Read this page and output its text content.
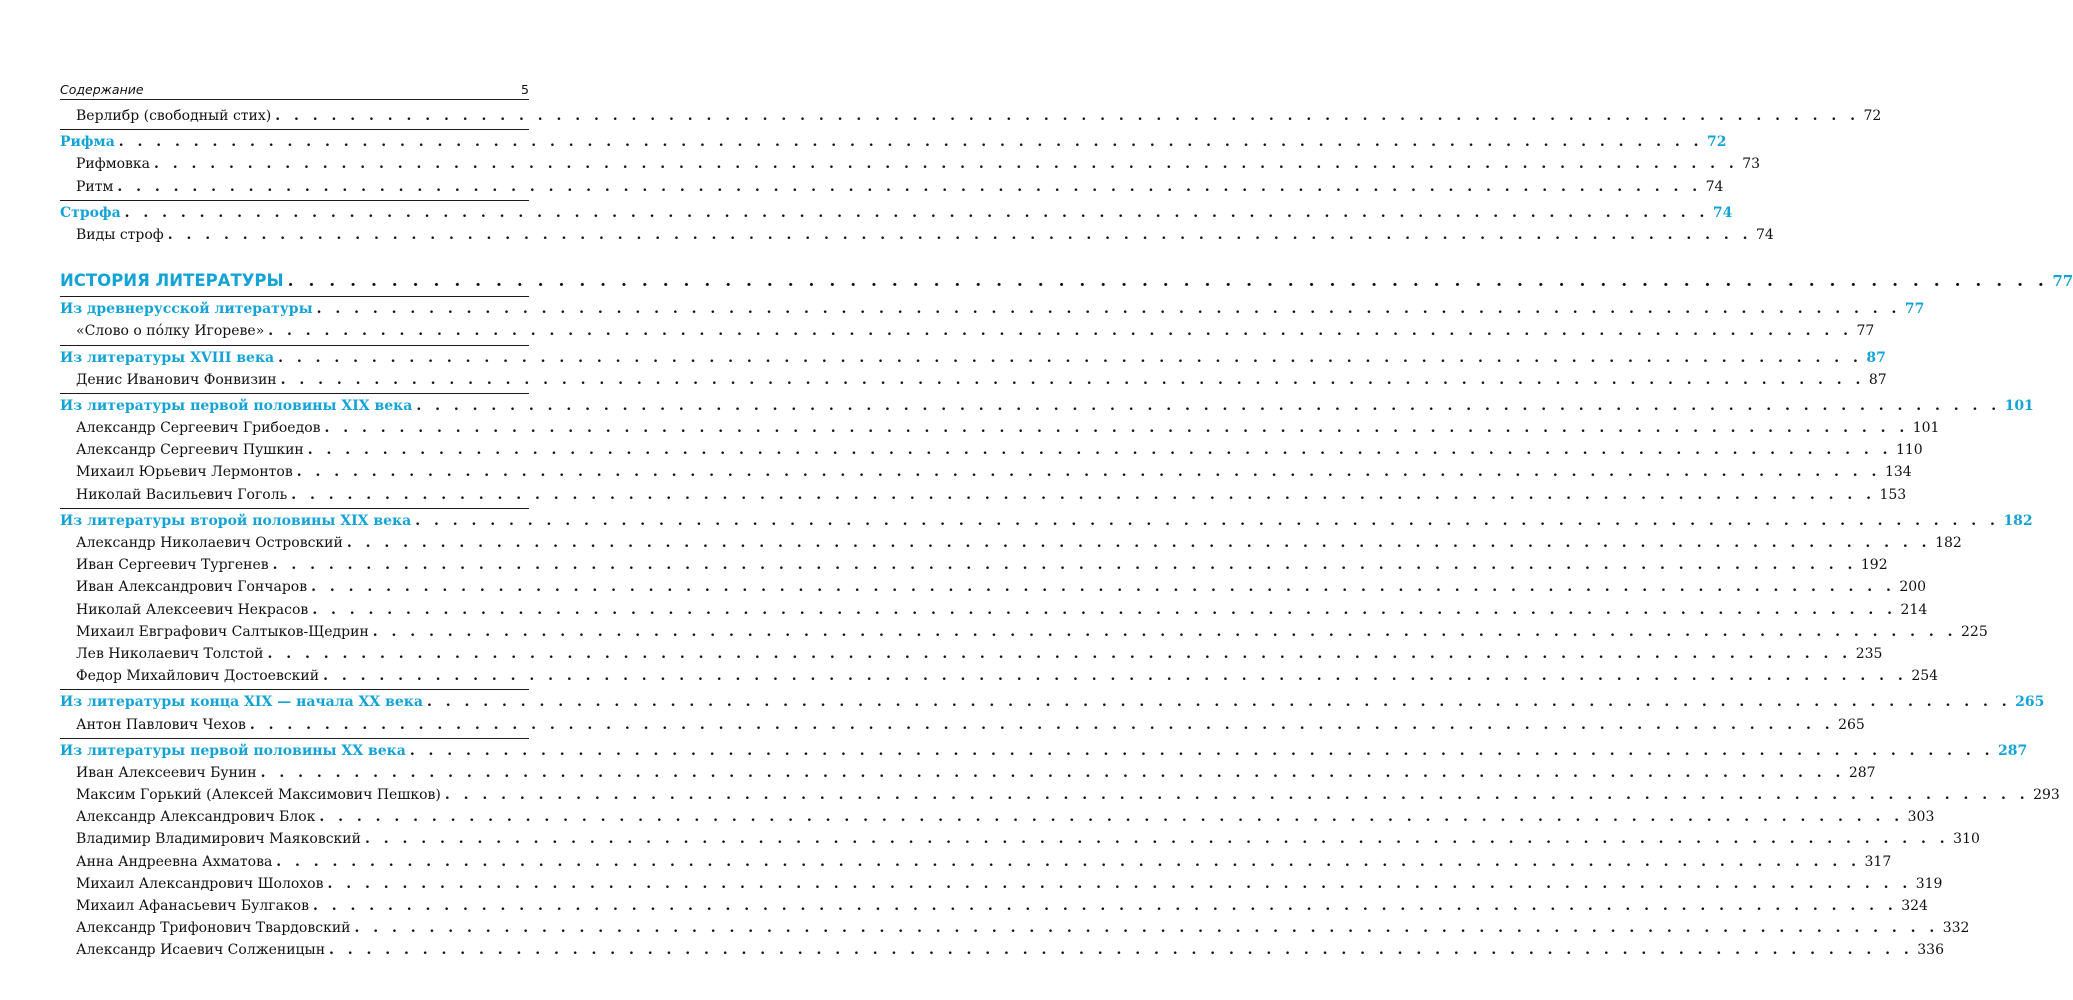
Содержание	5
Верлибр (свободный стих) . . . . . . . . . . . . . . . . . . . . . . . . . . . . . . . . . . . . . . . . . . . . . . . . . . . . . . . . . . . . . . . . . . . . . . . . . . . . . . . . . . . . . 72
Рифма . . . . . . . . . . . . . . . . . . . . . . . . . . . . . . . . . . . . . . . . . . . . . . . . . . . . . . . . . . . . . . . . . . . . . . . . . . . . . . . . . . . . . 72
Рифмовка . . . . . . . . . . . . . . . . . . . . . . . . . . . . . . . . . . . . . . . . . . . . . . . . . . . . . . . . . . . . . . . . . . . . . . . . . . . . . . . . . . . . . 73
Ритм . . . . . . . . . . . . . . . . . . . . . . . . . . . . . . . . . . . . . . . . . . . . . . . . . . . . . . . . . . . . . . . . . . . . . . . . . . . . . . . . . . . . . 74
Строфа . . . . . . . . . . . . . . . . . . . . . . . . . . . . . . . . . . . . . . . . . . . . . . . . . . . . . . . . . . . . . . . . . . . . . . . . . . . . . . . . . . . . . 74
Виды строф . . . . . . . . . . . . . . . . . . . . . . . . . . . . . . . . . . . . . . . . . . . . . . . . . . . . . . . . . . . . . . . . . . . . . . . . . . . . . . . . . . . . . 74
ИСТОРИЯ ЛИТЕРАТУРЫ . . . . . . . . . . . . . . . . . . . . . . . . . . . . . . . . . . . . . . . . . . . . . . . . . . . . . . . . . . . . . . . . . . . . . . . . . . . . . . . . . . . . . 77
Из древнерусской литературы . . . . . . . . . . . . . . . . . . . . . . . . . . . . . . . . . . . . . . . . . . . . . . . . . . . . . . . . . . . . . . . . . . . . . . . . . . . . . . . . . . . . . 77
«Слово о пóлку Игореве» . . . . . . . . . . . . . . . . . . . . . . . . . . . . . . . . . . . . . . . . . . . . . . . . . . . . . . . . . . . . . . . . . . . . . . . . . . . . . . . . . . . . . 77
Из литературы XVIII века . . . . . . . . . . . . . . . . . . . . . . . . . . . . . . . . . . . . . . . . . . . . . . . . . . . . . . . . . . . . . . . . . . . . . . . . . . . . . . . . . . . . . 87
Денис Иванович Фонвизин . . . . . . . . . . . . . . . . . . . . . . . . . . . . . . . . . . . . . . . . . . . . . . . . . . . . . . . . . . . . . . . . . . . . . . . . . . . . . . . . . . . . . 87
Из литературы первой половины XIX века . . . . . . . . . . . . . . . . . . . . . . . . . . . . . . . . . . . . . . . . . . . . . . . . . . . . . . . . . . . . . . . . . . . . . . . . . . . . . . . . . . . . . 101
Александр Сергеевич Грибоедов . . . . . . . . . . . . . . . . . . . . . . . . . . . . . . . . . . . . . . . . . . . . . . . . . . . . . . . . . . . . . . . . . . . . . . . . . . . . . . . . . . . . . 101
Александр Сергеевич Пушкин . . . . . . . . . . . . . . . . . . . . . . . . . . . . . . . . . . . . . . . . . . . . . . . . . . . . . . . . . . . . . . . . . . . . . . . . . . . . . . . . . . . . . 110
Михаил Юрьевич Лермонтов . . . . . . . . . . . . . . . . . . . . . . . . . . . . . . . . . . . . . . . . . . . . . . . . . . . . . . . . . . . . . . . . . . . . . . . . . . . . . . . . . . . . . 134
Николай Васильевич Гоголь . . . . . . . . . . . . . . . . . . . . . . . . . . . . . . . . . . . . . . . . . . . . . . . . . . . . . . . . . . . . . . . . . . . . . . . . . . . . . . . . . . . . . 153
Из литературы второй половины XIX века . . . . . . . . . . . . . . . . . . . . . . . . . . . . . . . . . . . . . . . . . . . . . . . . . . . . . . . . . . . . . . . . . . . . . . . . . . . . . . . . . . . . . 182
Александр Николаевич Островский . . . . . . . . . . . . . . . . . . . . . . . . . . . . . . . . . . . . . . . . . . . . . . . . . . . . . . . . . . . . . . . . . . . . . . . . . . . . . . . . . . . . . 182
Иван Сергеевич Тургенев . . . . . . . . . . . . . . . . . . . . . . . . . . . . . . . . . . . . . . . . . . . . . . . . . . . . . . . . . . . . . . . . . . . . . . . . . . . . . . . . . . . . . 192
Иван Александрович Гончаров . . . . . . . . . . . . . . . . . . . . . . . . . . . . . . . . . . . . . . . . . . . . . . . . . . . . . . . . . . . . . . . . . . . . . . . . . . . . . . . . . . . . . 200
Николай Алексеевич Некрасов . . . . . . . . . . . . . . . . . . . . . . . . . . . . . . . . . . . . . . . . . . . . . . . . . . . . . . . . . . . . . . . . . . . . . . . . . . . . . . . . . . . . . 214
Михаил Евграфович Салтыков-Щедрин . . . . . . . . . . . . . . . . . . . . . . . . . . . . . . . . . . . . . . . . . . . . . . . . . . . . . . . . . . . . . . . . . . . . . . . . . . . . . . . . . . . . . 225
Лев Николаевич Толстой . . . . . . . . . . . . . . . . . . . . . . . . . . . . . . . . . . . . . . . . . . . . . . . . . . . . . . . . . . . . . . . . . . . . . . . . . . . . . . . . . . . . . 235
Федор Михайлович Достоевский . . . . . . . . . . . . . . . . . . . . . . . . . . . . . . . . . . . . . . . . . . . . . . . . . . . . . . . . . . . . . . . . . . . . . . . . . . . . . . . . . . . . . 254
Из литературы конца XIX — начала XX века . . . . . . . . . . . . . . . . . . . . . . . . . . . . . . . . . . . . . . . . . . . . . . . . . . . . . . . . . . . . . . . . . . . . . . . . . . . . . . . . . . . . . 265
Антон Павлович Чехов . . . . . . . . . . . . . . . . . . . . . . . . . . . . . . . . . . . . . . . . . . . . . . . . . . . . . . . . . . . . . . . . . . . . . . . . . . . . . . . . . . . . . 265
Из литературы первой половины XX века . . . . . . . . . . . . . . . . . . . . . . . . . . . . . . . . . . . . . . . . . . . . . . . . . . . . . . . . . . . . . . . . . . . . . . . . . . . . . . . . . . . . . 287
Иван Алексеевич Бунин . . . . . . . . . . . . . . . . . . . . . . . . . . . . . . . . . . . . . . . . . . . . . . . . . . . . . . . . . . . . . . . . . . . . . . . . . . . . . . . . . . . . . 287
Максим Горький (Алексей Максимович Пешков) . . . . . . . . . . . . . . . . . . . . . . . . . . . . . . . . . . . . . . . . . . . . . . . . . . . . . . . . . . . . . . . . . . . . . . . . . . . . . . . . . . . . . 293
Александр Александрович Блок . . . . . . . . . . . . . . . . . . . . . . . . . . . . . . . . . . . . . . . . . . . . . . . . . . . . . . . . . . . . . . . . . . . . . . . . . . . . . . . . . . . . . 303
Владимир Владимирович Маяковский . . . . . . . . . . . . . . . . . . . . . . . . . . . . . . . . . . . . . . . . . . . . . . . . . . . . . . . . . . . . . . . . . . . . . . . . . . . . . . . . . . . . . 310
Анна Андреевна Ахматова . . . . . . . . . . . . . . . . . . . . . . . . . . . . . . . . . . . . . . . . . . . . . . . . . . . . . . . . . . . . . . . . . . . . . . . . . . . . . . . . . . . . . 317
Михаил Александрович Шолохов . . . . . . . . . . . . . . . . . . . . . . . . . . . . . . . . . . . . . . . . . . . . . . . . . . . . . . . . . . . . . . . . . . . . . . . . . . . . . . . . . . . . . 319
Михаил Афанасьевич Булгаков . . . . . . . . . . . . . . . . . . . . . . . . . . . . . . . . . . . . . . . . . . . . . . . . . . . . . . . . . . . . . . . . . . . . . . . . . . . . . . . . . . . . . 324
Александр Трифонович Твардовский . . . . . . . . . . . . . . . . . . . . . . . . . . . . . . . . . . . . . . . . . . . . . . . . . . . . . . . . . . . . . . . . . . . . . . . . . . . . . . . . . . . . . 332
Александр Исаевич Солженицын . . . . . . . . . . . . . . . . . . . . . . . . . . . . . . . . . . . . . . . . . . . . . . . . . . . . . . . . . . . . . . . . . . . . . . . . . . . . . . . . . . . . . 336
